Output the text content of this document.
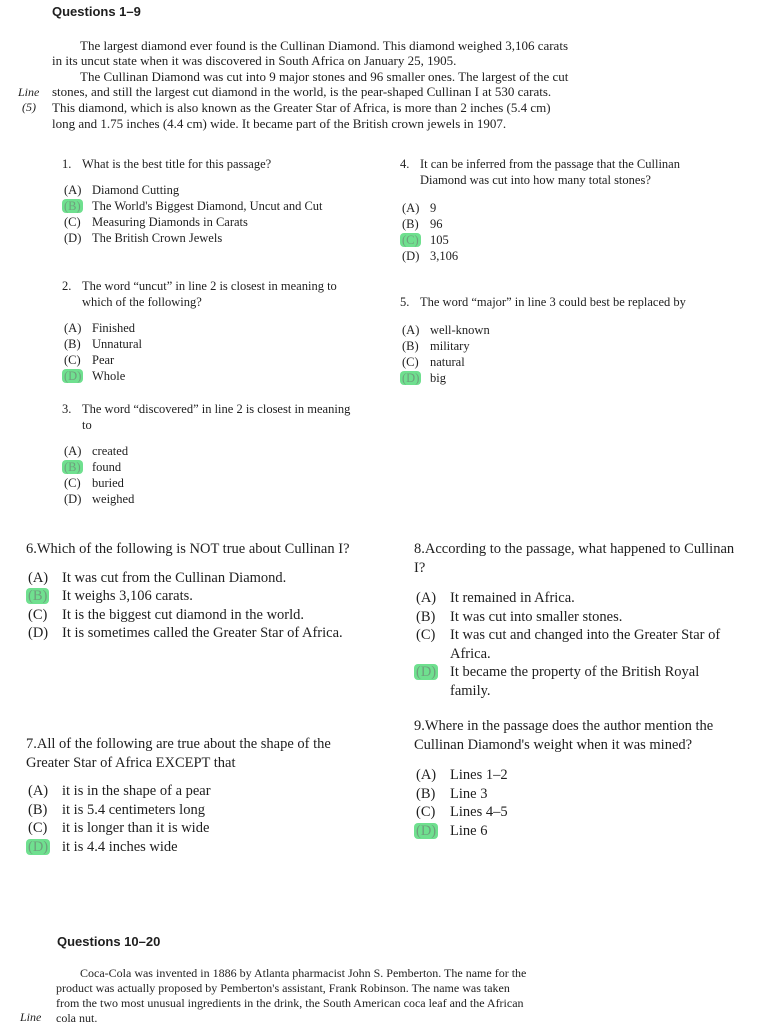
Questions 1–9
The largest diamond ever found is the Cullinan Diamond. This diamond weighed 3,106 carats
in its uncut state when it was discovered in South Africa on January 25, 1905.
The Cullinan Diamond was cut into 9 major stones and 96 smaller ones. The largest of the cut
stones, and still the largest cut diamond in the world, is the pear-shaped Cullinan I at 530 carats.
This diamond, which is also known as the Greater Star of Africa, is more than 2 inches (5.4 cm)
long and 1.75 inches (4.4 cm) wide. It became part of the British crown jewels in 1907.
Line
(5)
1. What is the best title for this passage?
(A) Diamond Cutting
(B) The World's Biggest Diamond, Uncut and Cut
(C) Measuring Diamonds in Carats
(D) The British Crown Jewels
2. The word “uncut” in line 2 is closest in meaning to which of the following?
(A) Finished
(B) Unnatural
(C) Pear
(D) Whole
3. The word “discovered” in line 2 is closest in meaning to
(A) created
(B) found
(C) buried
(D) weighed
4. It can be inferred from the passage that the Cullinan Diamond was cut into how many total stones?
(A) 9
(B) 96
(C) 105
(D) 3,106
5. The word “major” in line 3 could best be replaced by
(A) well-known
(B) military
(C) natural
(D) big
6.Which of the following is NOT true about Cullinan I?
(A) It was cut from the Cullinan Diamond.
(B)	It weighs 3,106 carats.
(C)	It is the biggest cut diamond in the world.
(D) It is sometimes called the Greater Star of Africa.
7.All of the following are true about the shape of the Greater Star of Africa EXCEPT that
(A) it is in the shape of a pear
(B)	it is 5.4 centimeters long
(C)	it is longer than it is wide
(D) it is 4.4 inches wide
8.According to the passage, what happened to Cullinan I?
(A) It remained in Africa.
(B)	It was cut into smaller stones.
(C)	It was cut and changed into the Greater Star of Africa.
(D) It became the property of the British Royal family.
9.Where in the passage does the author mention the Cullinan Diamond's weight when it was mined?
(A) Lines 1–2
(B)	Line 3
(C)	Lines 4–5
(D) Line 6
Questions 10–20
Coca-Cola was invented in 1886 by Atlanta pharmacist John S. Pemberton. The name for the
product was actually proposed by Pemberton's assistant, Frank Robinson. The name was taken
from the two most unusual ingredients in the drink, the South American coca leaf and the African
cola nut.
Line
